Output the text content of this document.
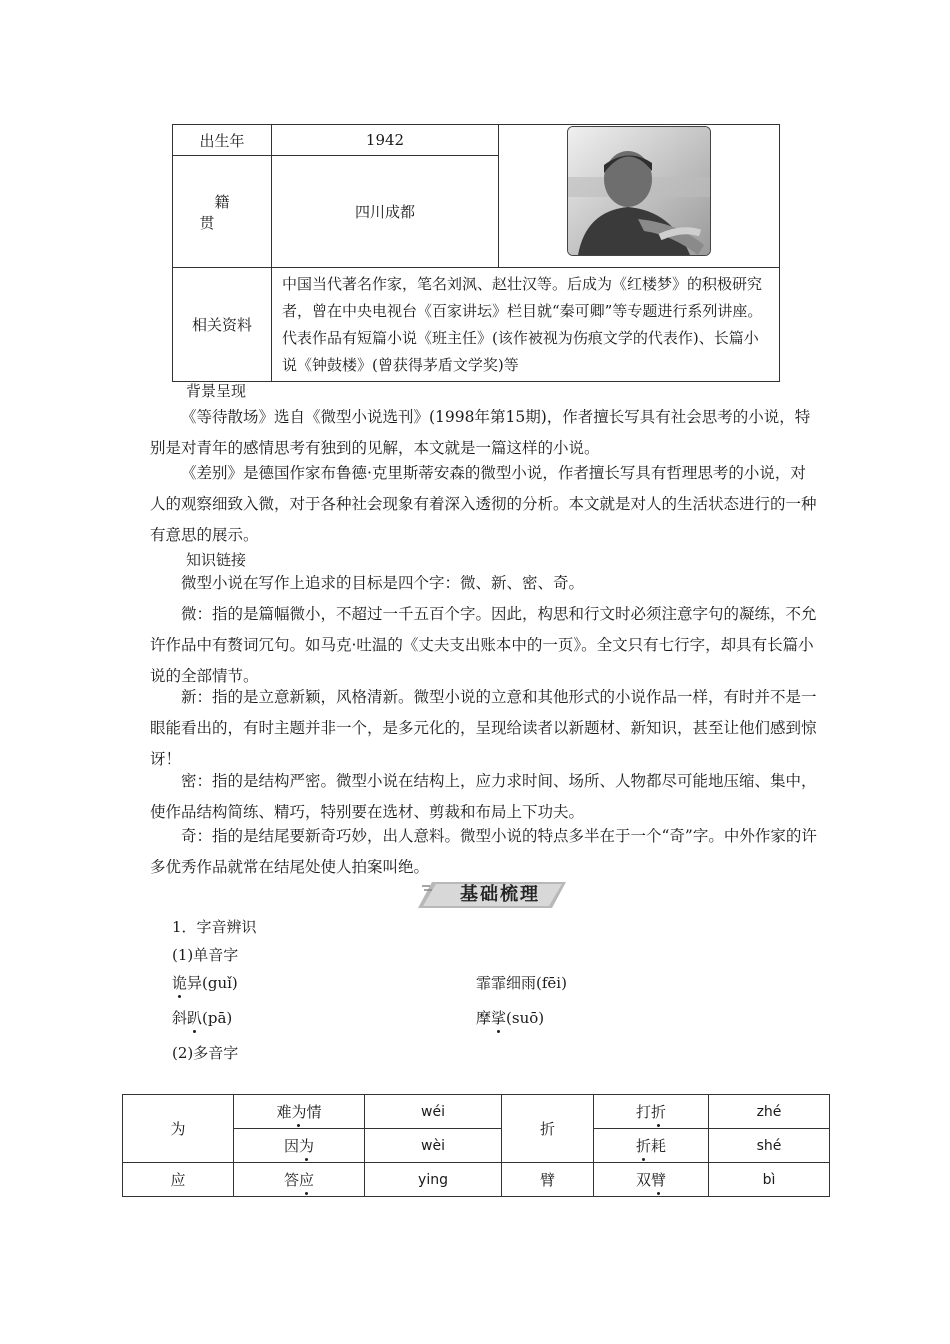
出生年	1942	

籍贯	四川成都	
相关资料	中国当代著名作家，笔名刘沨、赵壮汉等。后成为《红楼梦》的积极研究者，曾在中央电视台《百家讲坛》栏目就“秦可卿”等专题进行系列讲座。代表作品有短篇小说《班主任》(该作被视为伤痕文学的代表作)、长篇小说《钟鼓楼》(曾获得茅盾文学奖)等	
背景呈现

《等待散场》选自《微型小说选刊》(1998年第15期)，作者擅长写具有社会思考的小说，特别是对青年的感情思考有独到的见解，本文就是一篇这样的小说。

《差别》是德国作家布鲁德·克里斯蒂安森的微型小说，作者擅长写具有哲理思考的小说，对人的观察细致入微，对于各种社会现象有着深入透彻的分析。本文就是对人的生活状态进行的一种有意思的展示。

知识链接

微型小说在写作上追求的目标是四个字：微、新、密、奇。

微：指的是篇幅微小，不超过一千五百个字。因此，构思和行文时必须注意字句的凝练，不允许作品中有赘词冗句。如马克·吐温的《丈夫支出账本中的一页》。全文只有七行字，却具有长篇小说的全部情节。

新：指的是立意新颖，风格清新。微型小说的立意和其他形式的小说作品一样，有时并不是一眼能看出的，有时主题并非一个，是多元化的，呈现给读者以新题材、新知识，甚至让他们感到惊讶！

密：指的是结构严密。微型小说在结构上，应力求时间、场所、人物都尽可能地压缩、集中，使作品结构简练、精巧，特别要在选材、剪裁和布局上下功夫。

奇：指的是结尾要新奇巧妙，出人意料。微型小说的特点多半在于一个“奇”字。中外作家的许多优秀作品就常在结尾处使人拍案叫绝。

基础梳理
1．字音辨识
(1)单音字
诡异(guǐ)	霏霏细雨(fēi)
斜趴(pā)	摩挲(suō)
(2)多音字
为	难为情	wéi	折	打折	zhé
	因为	wèi		折耗	shé
应	答应	ying	臂	双臂	bì
